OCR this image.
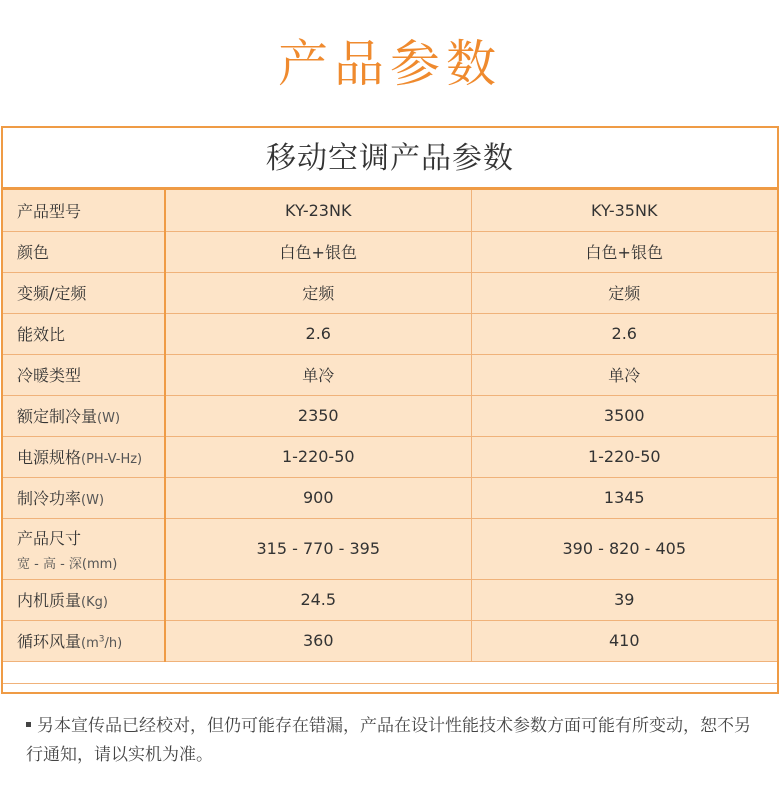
产品参数
移动空调产品参数
产品型号	KY-23NK	KY-35NK
颜色	白色+银色	白色+银色
变频/定频	定频	定频
能效比	2.6	2.6
冷暖类型	单冷	单冷
额定制冷量(W)	2350	3500
电源规格(PH-V-Hz)	1-220-50	1-220-50
制冷功率(W)	900	1345
产品尺寸
宽 - 高 - 深(mm)	315 - 770 - 395	390 - 820 - 405
内机质量(Kg)	24.5	39
循环风量$(m^3/h)$	360	410

另本宣传品已经校对，但仍可能存在错漏，产品在设计性能技术参数方面可能有所变动，恕不另行通知，请以实机为准。
